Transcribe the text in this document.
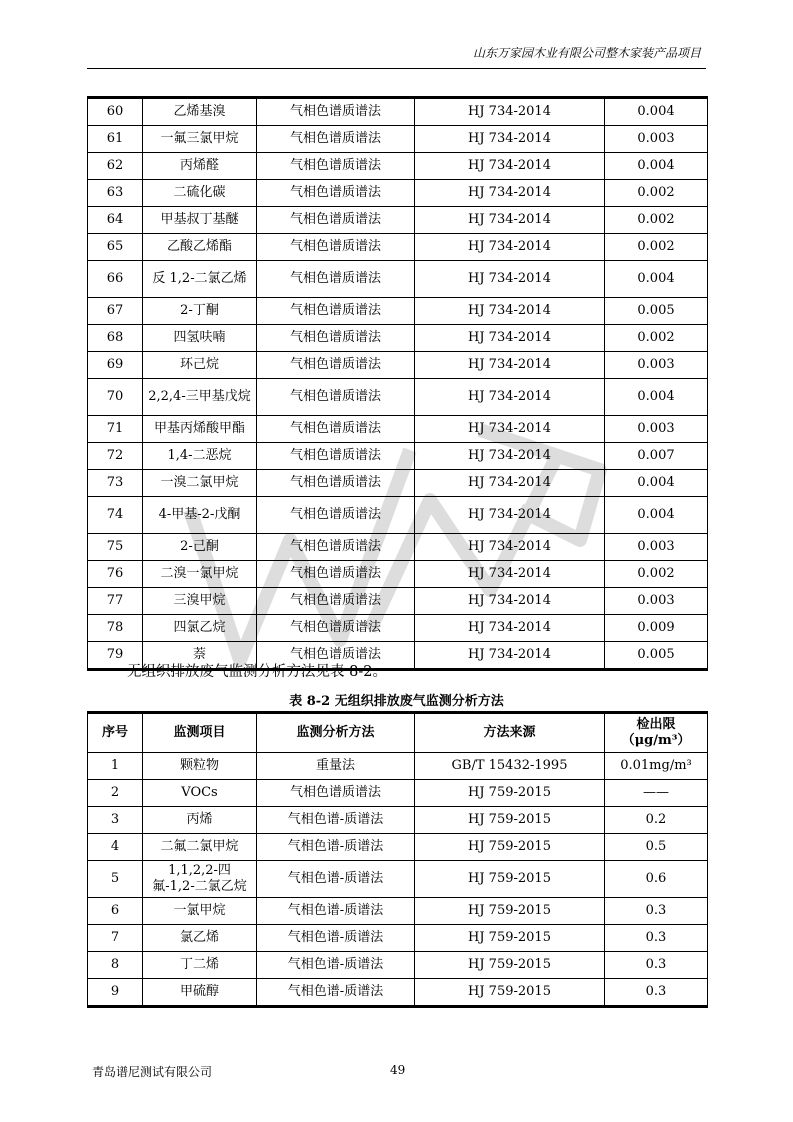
山东万家园木业有限公司整木家装产品项目
60	乙烯基溴	气相色谱质谱法	HJ 734-2014	0.004
61	一氟三氯甲烷	气相色谱质谱法	HJ 734-2014	0.003
62	丙烯醛	气相色谱质谱法	HJ 734-2014	0.004
63	二硫化碳	气相色谱质谱法	HJ 734-2014	0.002
64	甲基叔丁基醚	气相色谱质谱法	HJ 734-2014	0.002
65	乙酸乙烯酯	气相色谱质谱法	HJ 734-2014	0.002
66	反 1,2-二氯乙烯	气相色谱质谱法	HJ 734-2014	0.004
67	2-丁酮	气相色谱质谱法	HJ 734-2014	0.005
68	四氢呋喃	气相色谱质谱法	HJ 734-2014	0.002
69	环己烷	气相色谱质谱法	HJ 734-2014	0.003
70	2,2,4-三甲基戊烷	气相色谱质谱法	HJ 734-2014	0.004
71	甲基丙烯酸甲酯	气相色谱质谱法	HJ 734-2014	0.003
72	1,4-二恶烷	气相色谱质谱法	HJ 734-2014	0.007
73	一溴二氯甲烷	气相色谱质谱法	HJ 734-2014	0.004
74	4-甲基-2-戊酮	气相色谱质谱法	HJ 734-2014	0.004
75	2-己酮	气相色谱质谱法	HJ 734-2014	0.003
76	二溴一氯甲烷	气相色谱质谱法	HJ 734-2014	0.002
77	三溴甲烷	气相色谱质谱法	HJ 734-2014	0.003
78	四氯乙烷	气相色谱质谱法	HJ 734-2014	0.009
79	萘	气相色谱质谱法	HJ 734-2014	0.005
无组织排放废气监测分析方法见表 8-2。
表 8-2 无组织排放废气监测分析方法
序号	监测项目	监测分析方法	方法来源	检出限
（μg/m³）

1	颗粒物	重量法	GB/T 15432-1995	0.01mg/m³
2	VOCs	气相色谱质谱法	HJ 759-2015	——
3	丙烯	气相色谱-质谱法	HJ 759-2015	0.2
4	二氟二氯甲烷	气相色谱-质谱法	HJ 759-2015	0.5
5	1,1,2,2-四氟-1,2-二氯乙烷	气相色谱-质谱法	HJ 759-2015	0.6
6	一氯甲烷	气相色谱-质谱法	HJ 759-2015	0.3
7	氯乙烯	气相色谱-质谱法	HJ 759-2015	0.3
8	丁二烯	气相色谱-质谱法	HJ 759-2015	0.3
9	甲硫醇	气相色谱-质谱法	HJ 759-2015	0.3
青岛谱尼测试有限公司	49
